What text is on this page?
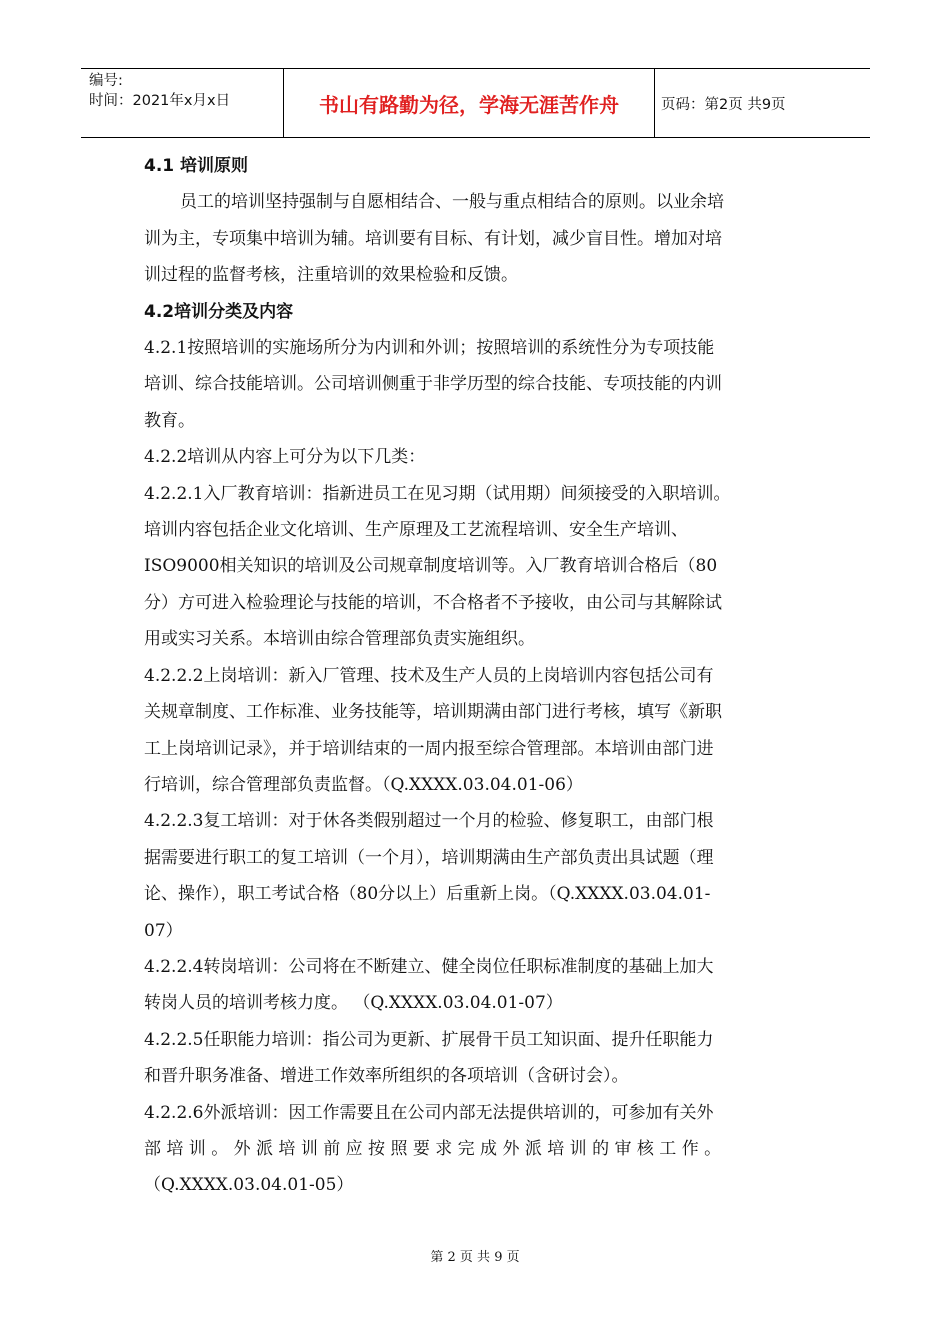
编号:
时间：2021年x月x日	书山有路勤为径，学海无涯苦作舟	页码：第2页 共9页

4.1 培训原则

员工的培训坚持强制与自愿相结合、一般与重点相结合的原则。以业余培

训为主，专项集中培训为辅。培训要有目标、有计划，减少盲目性。增加对培

训过程的监督考核，注重培训的效果检验和反馈。

4.2培训分类及内容

4.2.1按照培训的实施场所分为内训和外训；按照培训的系统性分为专项技能

培训、综合技能培训。公司培训侧重于非学历型的综合技能、专项技能的内训

教育。

4.2.2培训从内容上可分为以下几类：

4.2.2.1入厂教育培训：指新进员工在见习期（试用期）间须接受的入职培训。

培训内容包括企业文化培训、生产原理及工艺流程培训、安全生产培训、

ISO9000相关知识的培训及公司规章制度培训等。入厂教育培训合格后（80

分）方可进入检验理论与技能的培训，不合格者不予接收，由公司与其解除试

用或实习关系。本培训由综合管理部负责实施组织。

4.2.2.2上岗培训：新入厂管理、技术及生产人员的上岗培训内容包括公司有

关规章制度、工作标准、业务技能等，培训期满由部门进行考核，填写《新职

工上岗培训记录》，并于培训结束的一周内报至综合管理部。本培训由部门进

行培训，综合管理部负责监督。（Q.XXXX.03.04.01-06）

4.2.2.3复工培训：对于休各类假别超过一个月的检验、修复职工，由部门根

据需要进行职工的复工培训（一个月），培训期满由生产部负责出具试题（理

论、操作），职工考试合格（80分以上）后重新上岗。（Q.XXXX.03.04.01-

07）

4.2.2.4转岗培训：公司将在不断建立、健全岗位任职标准制度的基础上加大

转岗人员的培训考核力度。 （Q.XXXX.03.04.01-07）

4.2.2.5任职能力培训：指公司为更新、扩展骨干员工知识面、提升任职能力

和晋升职务准备、增进工作效率所组织的各项培训（含研讨会）。

4.2.2.6外派培训：因工作需要且在公司内部无法提供培训的，可参加有关外

部 培 训 。 外 派 培 训 前 应 按 照 要 求 完 成 外 派 培 训 的 审 核 工 作 。

（Q.XXXX.03.04.01-05）

第 2 页 共 9 页
